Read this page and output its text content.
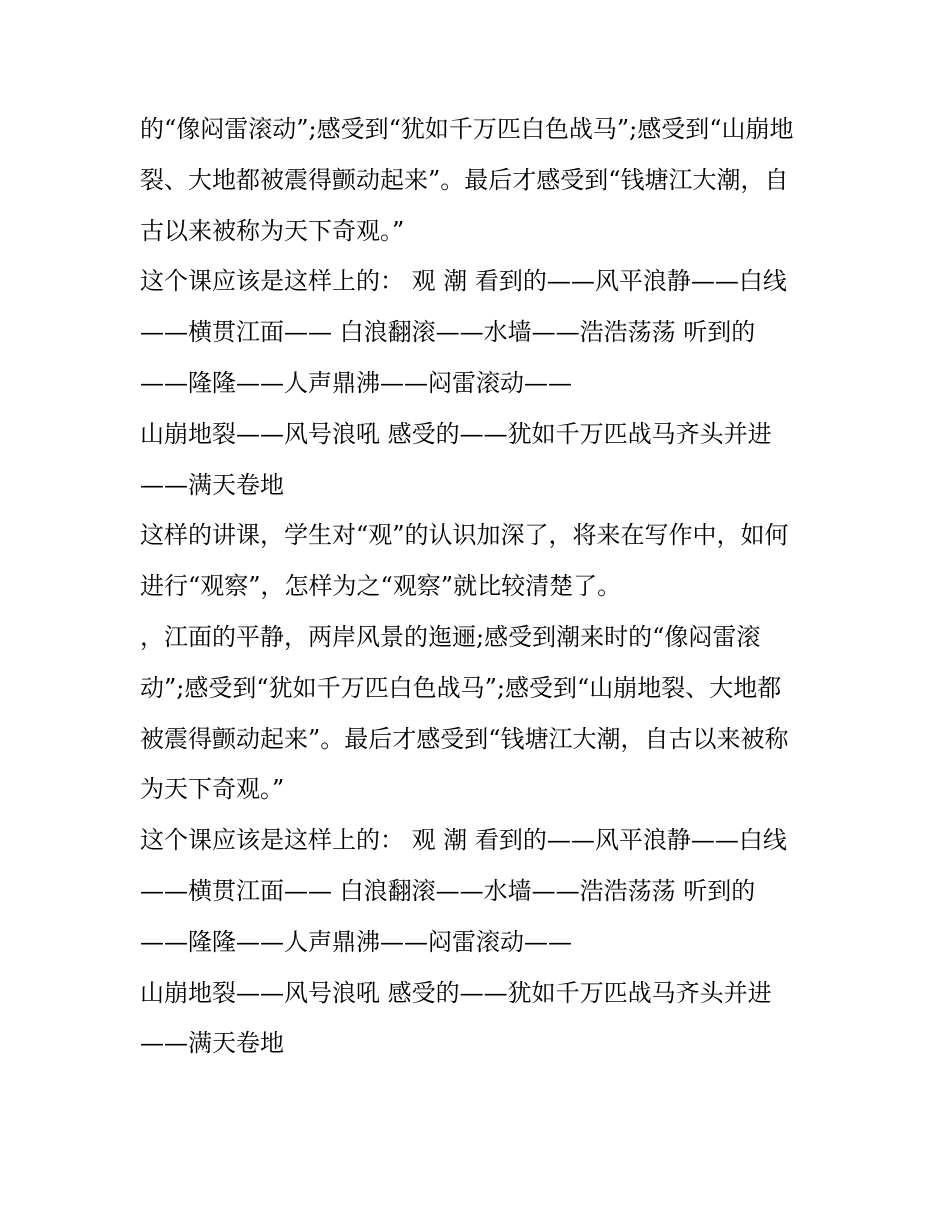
的“像闷雷滚动”;感受到“犹如千万匹白色战马”;感受到“山崩地
裂、大地都被震得颤动起来”。最后才感受到“钱塘江大潮，自
古以来被称为天下奇观。”
这个课应该是这样上的： 观 潮 看到的——风平浪静——白线
——横贯江面—— 白浪翻滚——水墙——浩浩荡荡 听到的
——隆隆——人声鼎沸——闷雷滚动——
山崩地裂——风号浪吼 感受的——犹如千万匹战马齐头并进
——满天卷地
这样的讲课，学生对“观”的认识加深了，将来在写作中，如何
进行“观察”，怎样为之“观察”就比较清楚了。
，江面的平静，两岸风景的迤逦;感受到潮来时的“像闷雷滚
动”;感受到“犹如千万匹白色战马”;感受到“山崩地裂、大地都
被震得颤动起来”。最后才感受到“钱塘江大潮，自古以来被称
为天下奇观。”
这个课应该是这样上的： 观 潮 看到的——风平浪静——白线
——横贯江面—— 白浪翻滚——水墙——浩浩荡荡 听到的
——隆隆——人声鼎沸——闷雷滚动——
山崩地裂——风号浪吼 感受的——犹如千万匹战马齐头并进
——满天卷地
